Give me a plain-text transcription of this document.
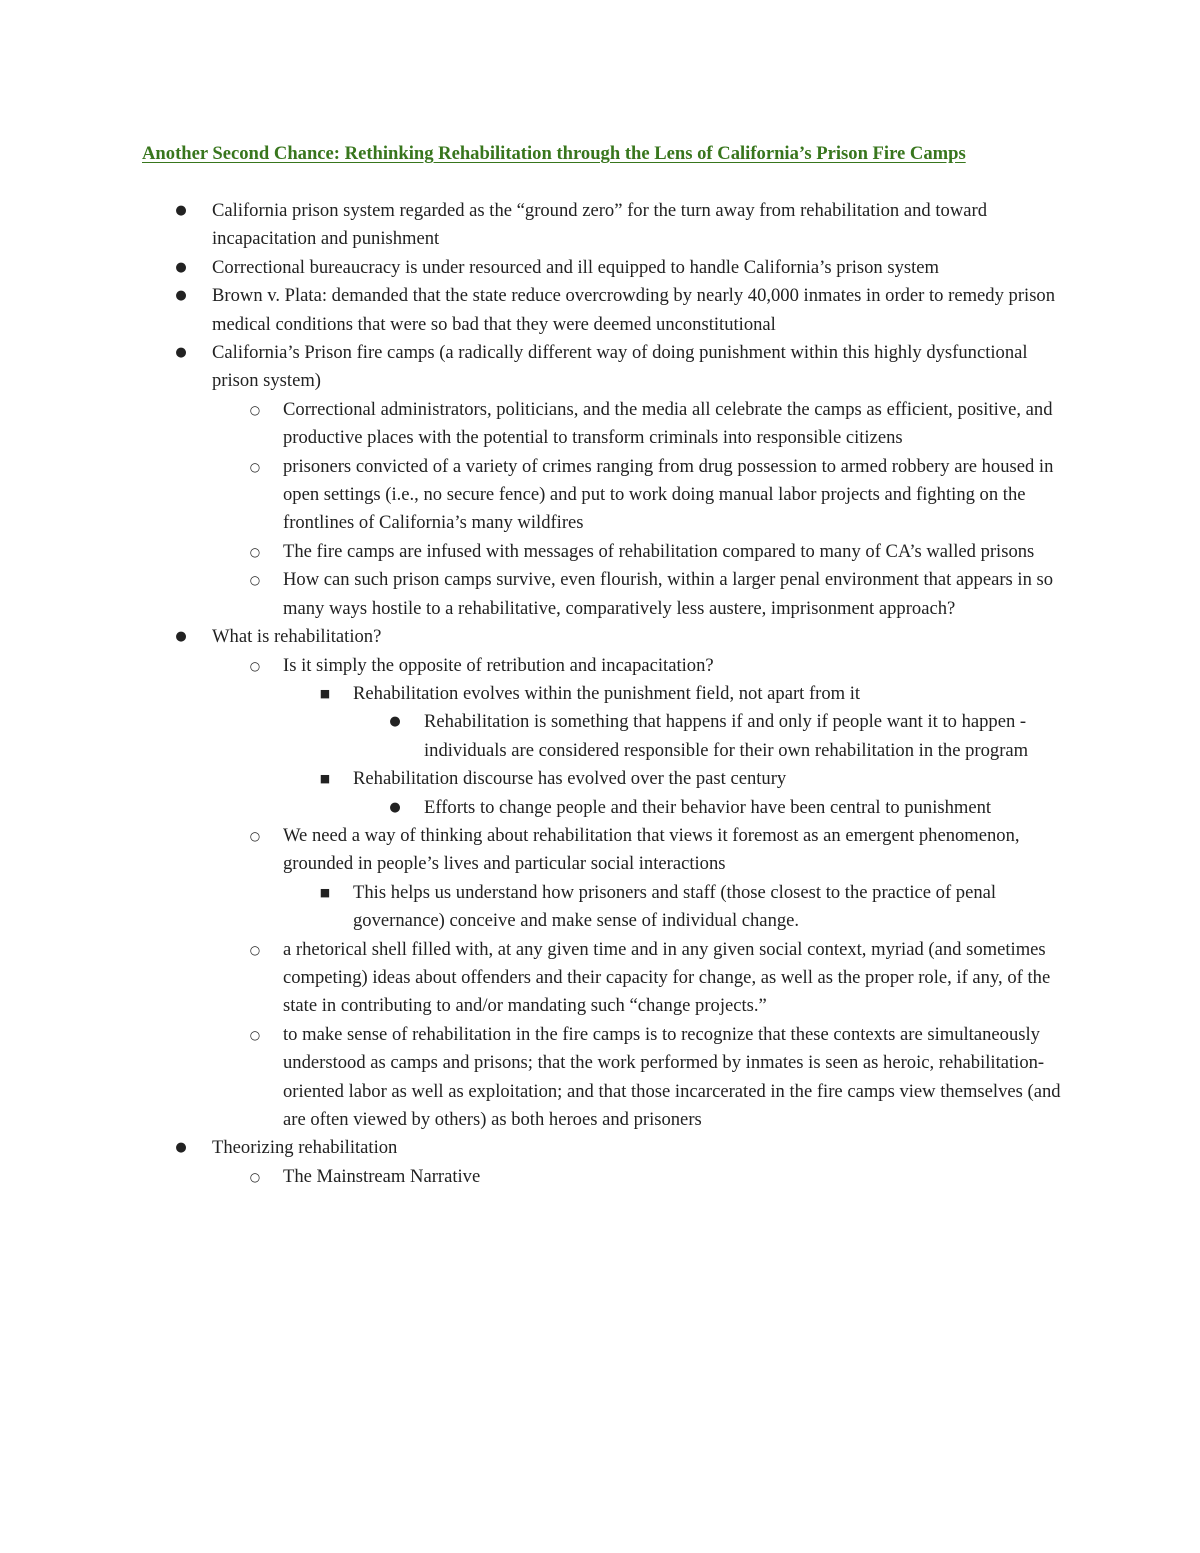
Another Second Chance: Rethinking Rehabilitation through the Lens of California’s Prison Fire Camps
● California prison system regarded as the “ground zero” for the turn away from rehabilitation and toward incapacitation and punishment
● Correctional bureaucracy is under resourced and ill equipped to handle California’s prison system
● Brown v. Plata: demanded that the state reduce overcrowding by nearly 40,000 inmates in order to remedy prison medical conditions that were so bad that they were deemed unconstitutional
● California’s Prison fire camps (a radically different way of doing punishment within this highly dysfunctional prison system)
○ Correctional administrators, politicians, and the media all celebrate the camps as efficient, positive, and productive places with the potential to transform criminals into responsible citizens
○ prisoners convicted of a variety of crimes ranging from drug possession to armed robbery are housed in open settings (i.e., no secure fence) and put to work doing manual labor projects and fighting on the frontlines of California’s many wildfires
○ The fire camps are infused with messages of rehabilitation compared to many of CA’s walled prisons
○ How can such prison camps survive, even flourish, within a larger penal environment that appears in so many ways hostile to a rehabilitative, comparatively less austere, imprisonment approach?
● What is rehabilitation?
○ Is it simply the opposite of retribution and incapacitation?
■ Rehabilitation evolves within the punishment field, not apart from it
● Rehabilitation is something that happens if and only if people want it to happen - individuals are considered responsible for their own rehabilitation in the program
■ Rehabilitation discourse has evolved over the past century
● Efforts to change people and their behavior have been central to punishment
○ We need a way of thinking about rehabilitation that views it foremost as an emergent phenomenon, grounded in people’s lives and particular social interactions
■ This helps us understand how prisoners and staff (those closest to the practice of penal governance) conceive and make sense of individual change.
○ a rhetorical shell filled with, at any given time and in any given social context, myriad (and sometimes competing) ideas about offenders and their capacity for change, as well as the proper role, if any, of the state in contributing to and/or mandating such “change projects.”
○ to make sense of rehabilitation in the fire camps is to recognize that these contexts are simultaneously understood as camps and prisons; that the work performed by inmates is seen as heroic, rehabilitation-oriented labor as well as exploitation; and that those incarcerated in the fire camps view themselves (and are often viewed by others) as both heroes and prisoners
● Theorizing rehabilitation
○ The Mainstream Narrative
